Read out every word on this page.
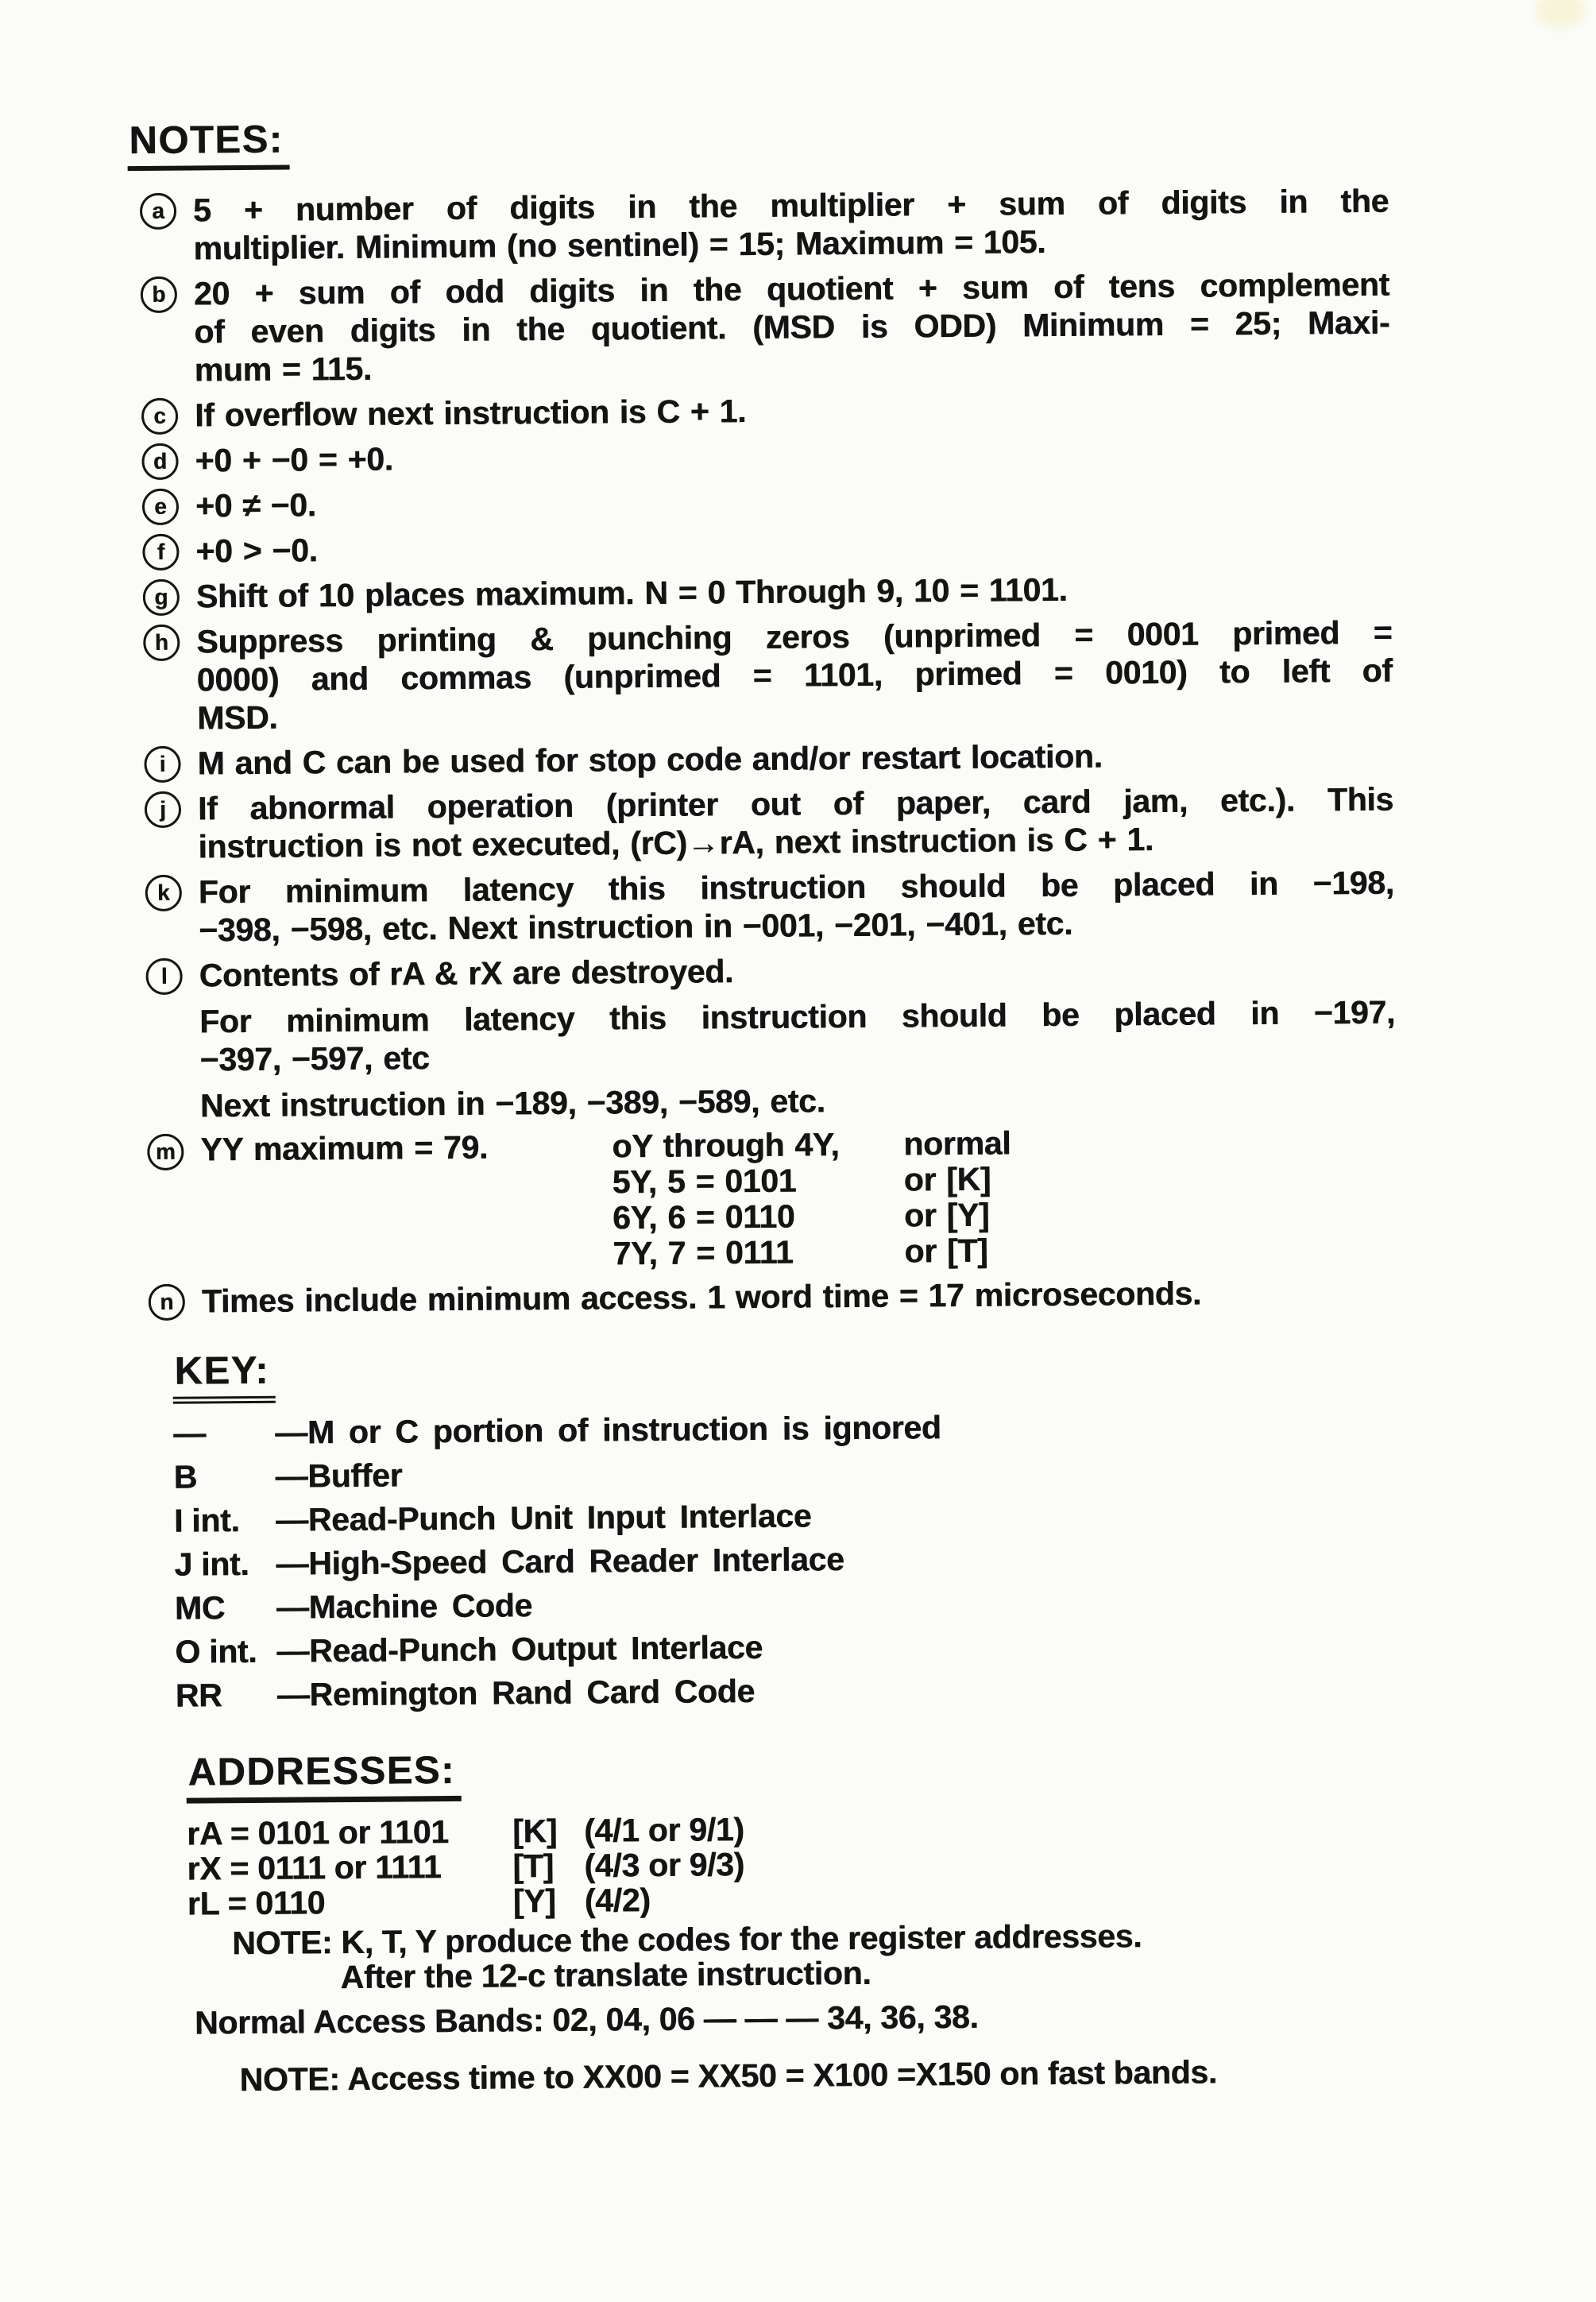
NOTES:
a 5 + number of digits in the multiplier + sum of digits in the
multiplier. Minimum (no sentinel) = 15; Maximum = 105.
b 20 + sum of odd digits in the quotient + sum of tens complement
of even digits in the quotient. (MSD is ODD) Minimum = 25; Maxi-
mum = 115.
c If overflow next instruction is C + 1.
d +0 + −0 = +0.
e +0 ≠ −0.
f +0 > −0.
g Shift of 10 places maximum. N = 0 Through 9, 10 = 1101.
h Suppress printing & punching zeros (unprimed = 0001 primed =
0000) and commas (unprimed = 1101, primed = 0010) to left of
MSD.
i M and C can be used for stop code and/or restart location.
j If abnormal operation (printer out of paper, card jam, etc.). This
instruction is not executed, (rC)→rA, next instruction is C + 1.
k For minimum latency this instruction should be placed in −198,
−398, −598, etc. Next instruction in −001, −201, −401, etc.
l Contents of rA & rX are destroyed.
For minimum latency this instruction should be placed in −197,
−397, −597, etc
Next instruction in −189, −389, −589, etc.
m YY maximum = 79.	oY through 4Y, normal
5Y, 5 = 0101	or [K]
6Y, 6 = 0110	or [Y]
7Y, 7 = 0111	or [T]
n Times include minimum access. 1 word time = 17 microseconds.
KEY:
— —M or C portion of instruction is ignored
B —Buffer
I int. —Read-Punch Unit Input Interlace
J int. —High-Speed Card Reader Interlace
MC —Machine Code
O int. —Read-Punch Output Interlace
RR —Remington Rand Card Code
ADDRESSES:
rA = 0101 or 1101 [K] (4/1 or 9/1)
rX = 0111 or 1111 [T] (4/3 or 9/3)
rL = 0110	[Y] (4/2)
NOTE: K, T, Y produce the codes for the register addresses.
After the 12-c translate instruction.
Normal Access Bands: 02, 04, 06 — — — 34, 36, 38.
NOTE: Access time to XX00 = XX50 = X100 =X150 on fast bands.
